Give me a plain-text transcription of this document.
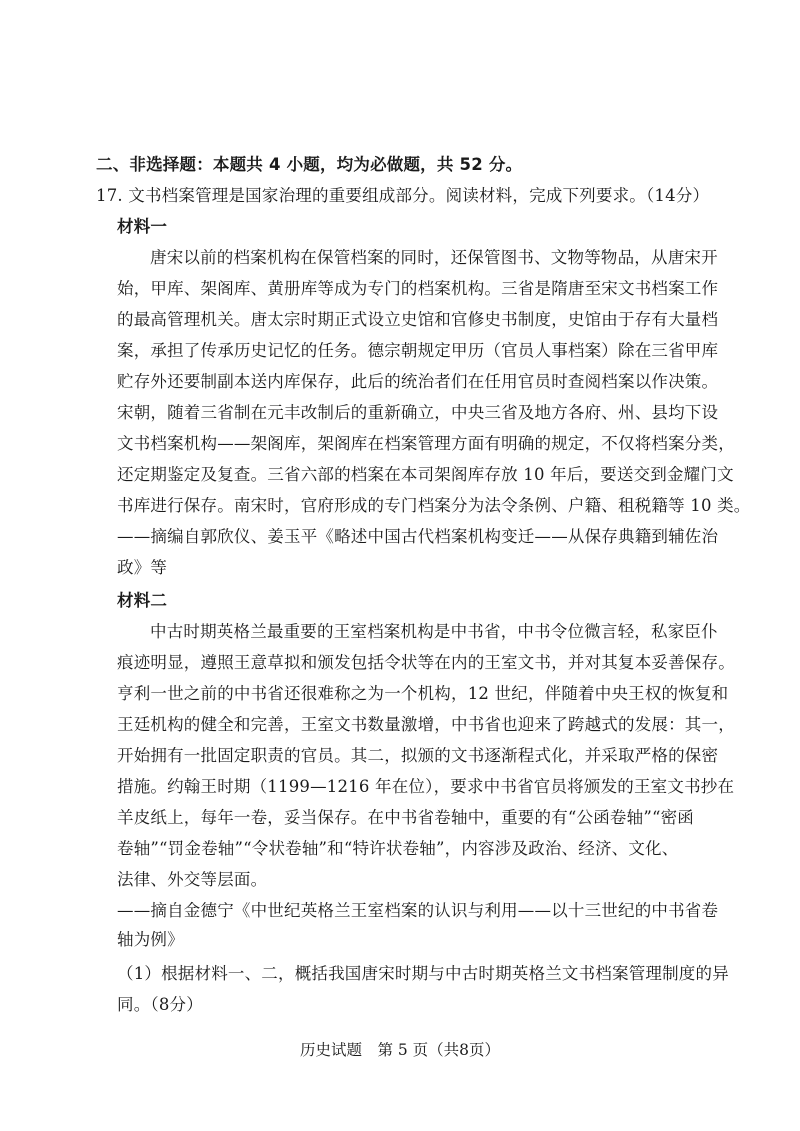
二、非选择题：本题共 4 小题，均为必做题，共 52 分。
17. 文书档案管理是国家治理的重要组成部分。阅读材料，完成下列要求。（14分）
材料一
唐宋以前的档案机构在保管档案的同时，还保管图书、文物等物品，从唐宋开
始，甲库、架阁库、黄册库等成为专门的档案机构。三省是隋唐至宋文书档案工作
的最高管理机关。唐太宗时期正式设立史馆和官修史书制度，史馆由于存有大量档
案，承担了传承历史记忆的任务。德宗朝规定甲历（官员人事档案）除在三省甲库
贮存外还要制副本送内库保存，此后的统治者们在任用官员时查阅档案以作决策。
宋朝，随着三省制在元丰改制后的重新确立，中央三省及地方各府、州、县均下设
文书档案机构——架阁库，架阁库在档案管理方面有明确的规定，不仅将档案分类，
还定期鉴定及复查。三省六部的档案在本司架阁库存放 10 年后，要送交到金耀门文
书库进行保存。南宋时，官府形成的专门档案分为法令条例、户籍、租税籍等 10 类。
——摘编自郭欣仪、姜玉平《略述中国古代档案机构变迁——从保存典籍到辅佐治
政》等
材料二
中古时期英格兰最重要的王室档案机构是中书省，中书令位微言轻，私家臣仆
痕迹明显，遵照王意草拟和颁发包括令状等在内的王室文书，并对其复本妥善保存。
亨利一世之前的中书省还很难称之为一个机构，12 世纪，伴随着中央王权的恢复和
王廷机构的健全和完善，王室文书数量激增，中书省也迎来了跨越式的发展：其一，
开始拥有一批固定职责的官员。其二，拟颁的文书逐渐程式化，并采取严格的保密
措施。约翰王时期（1199—1216 年在位），要求中书省官员将颁发的王室文书抄在
羊皮纸上，每年一卷，妥当保存。在中书省卷轴中，重要的有“公函卷轴”“密函
卷轴”“罚金卷轴”“令状卷轴”和“特许状卷轴”，内容涉及政治、经济、文化、
法律、外交等层面。
——摘自金德宁《中世纪英格兰王室档案的认识与利用——以十三世纪的中书省卷
轴为例》
（1）根据材料一、二，概括我国唐宋时期与中古时期英格兰文书档案管理制度的异
同。（8分）
历史试题　第 5 页（共8页）
